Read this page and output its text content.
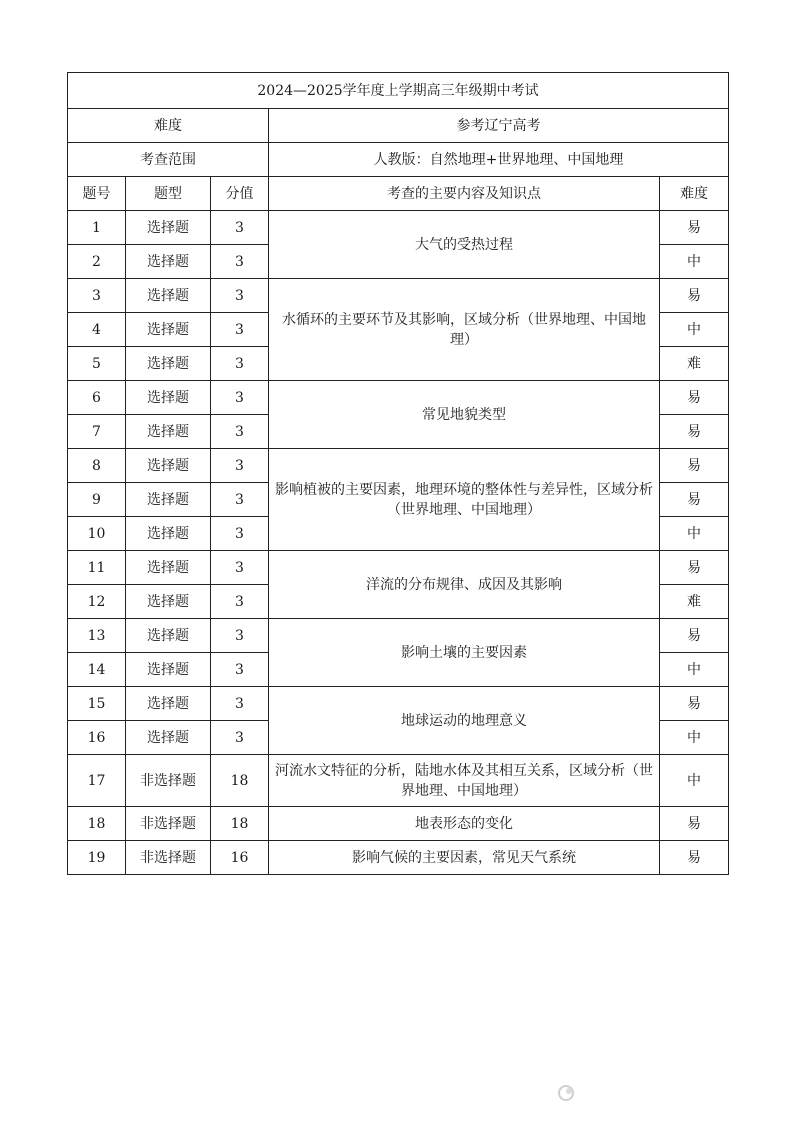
2024—2025学年度上学期高三年级期中考试				
难度			参考辽宁高考	
考查范围			人教版：自然地理+世界地理、中国地理	
题号	题型	分值	考查的主要内容及知识点	难度
1	选择题	3	大气的受热过程	易
2	选择题	3		中
3	选择题	3	水循环的主要环节及其影响，区域分析（世界地理、中国地理）	易
4	选择题	3		中
5	选择题	3		难
6	选择题	3	常见地貌类型	易
7	选择题	3		易
8	选择题	3	影响植被的主要因素，地理环境的整体性与差异性，区域分析（世界地理、中国地理）	易
9	选择题	3		易
10	选择题	3		中
11	选择题	3	洋流的分布规律、成因及其影响	易
12	选择题	3		难
13	选择题	3	影响土壤的主要因素	易
14	选择题	3		中
15	选择题	3	地球运动的地理意义	易
16	选择题	3		中
17	非选择题	18	河流水文特征的分析，陆地水体及其相互关系，区域分析（世界地理、中国地理）	中
18	非选择题	18	地表形态的变化	易
19	非选择题	16	影响气候的主要因素，常见天气系统	易
